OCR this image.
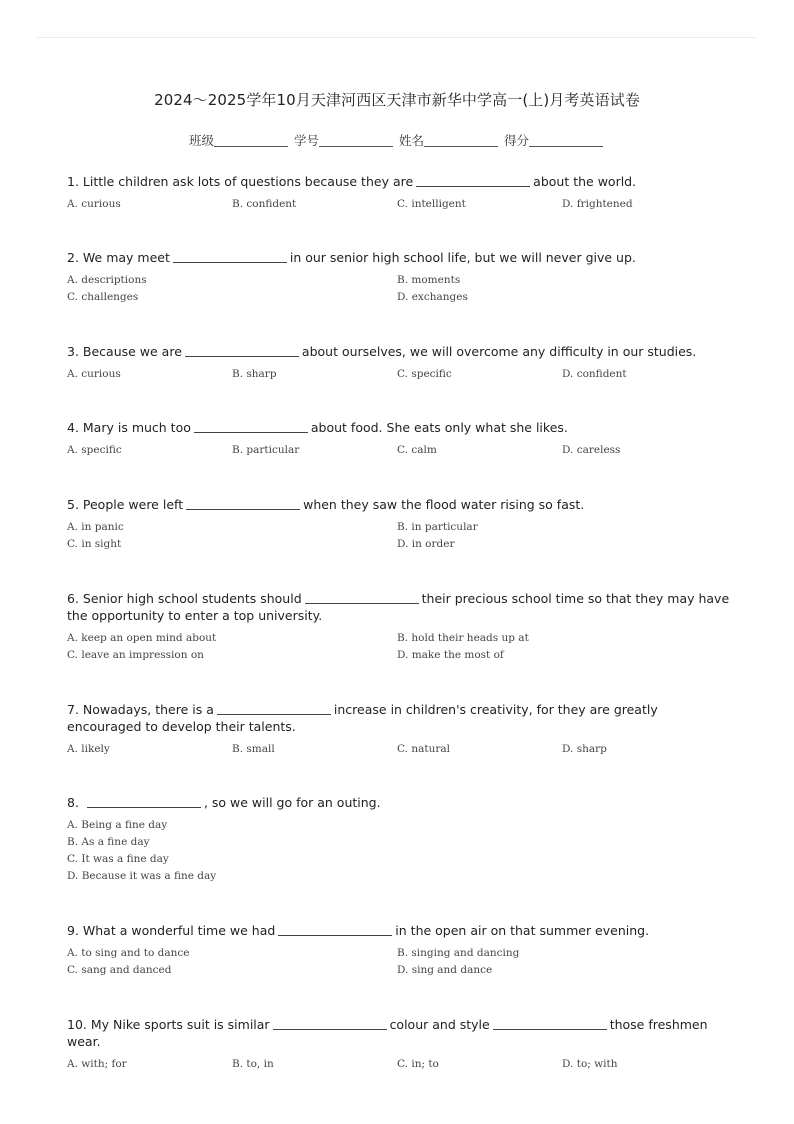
2024～2025学年10月天津河西区天津市新华中学高一(上)月考英语试卷
班级	学号	姓名	得分
1. Little children ask lots of questions because they are	about the world.
A. curious	B. confident	C. intelligent	D. frightened
2. We may meet	in our senior high school life, but we will never give up.
A. descriptions	B. moments
C. challenges	D. exchanges
3. Because we are	about ourselves, we will overcome any difficulty in our studies.
A. curious	B. sharp	C. specific	D. confident
4. Mary is much too	about food. She eats only what she likes.
A. specific	B. particular	C. calm	D. careless
5. People were left	when they saw the flood water rising so fast.
A. in panic	B. in particular
C. in sight	D. in order
6. Senior high school students should	their precious school time so that they may have the opportunity to enter a top university.
A. keep an open mind about	B. hold their heads up at
C. leave an impression on	D. make the most of
7. Nowadays, there is a	increase in children's creativity, for they are greatly encouraged to develop their talents.
A. likely	B. small	C. natural	D. sharp
8.	, so we will go for an outing.
A. Being a fine day
B. As a fine day
C. It was a fine day
D. Because it was a fine day
9. What a wonderful time we had	in the open air on that summer evening.
A. to sing and to dance	B. singing and dancing
C. sang and danced	D. sing and dance
10. My Nike sports suit is similar	colour and style	those freshmen wear.
A. with; for	B. to, in	C. in; to	D. to; with
